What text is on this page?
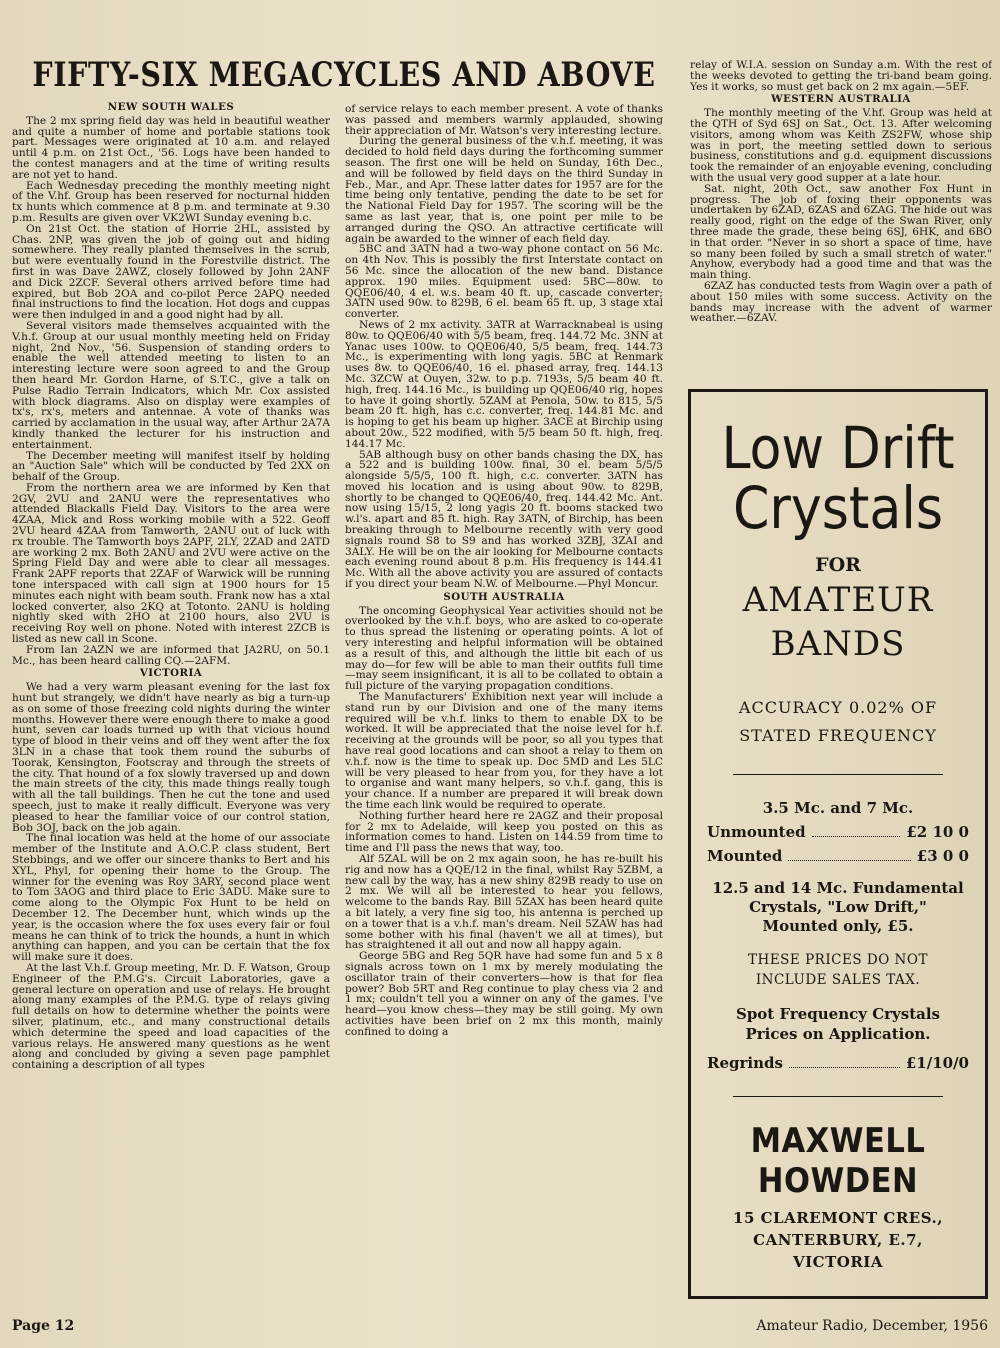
FIFTY-SIX MEGACYCLES AND ABOVE
NEW SOUTH WALES

The 2 mx spring field day was held in beautiful weather and quite a number of home and portable stations took part. Messages were originated at 10 a.m. and relayed until 4 p.m. on 21st Oct., '56. Logs have been handed to the contest managers and at the time of writing results are not yet to hand.

Each Wednesday preceding the monthly meeting night of the V.hf. Group has been reserved for nocturnal hidden tx hunts which commence at 8 p.m. and terminate at 9.30 p.m. Results are given over VK2WI Sunday evening b.c.

On 21st Oct. the station of Horrie 2HL, assisted by Chas. 2NP, was given the job of going out and hiding somewhere. They really planted themselves in the scrub, but were eventually found in the Forestville district. The first in was Dave 2AWZ, closely followed by John 2ANF and Dick 2ZCF. Several others arrived before time had expired, but Bob 2OA and co-pilot Perce 2APQ needed final instructions to find the location. Hot dogs and cuppas were then indulged in and a good night had by all.

Several visitors made themselves acquainted with the V.h.f. Group at our usual monthly meeting held on Friday night, 2nd Nov., '56. Suspension of standing orders to enable the well attended meeting to listen to an interesting lecture were soon agreed to and the Group then heard Mr. Gordon Harne, of S.T.C., give a talk on Pulse Radio Terrain Indicators, which Mr. Cox assisted with block diagrams. Also on display were examples of tx's, rx's, meters and antennae. A vote of thanks was carried by acclamation in the usual way, after Arthur 2A7A kindly thanked the lecturer for his instruction and entertainment.

The December meeting will manifest itself by holding an "Auction Sale" which will be conducted by Ted 2XX on behalf of the Group.

From the northern area we are informed by Ken that 2GV, 2VU and 2ANU were the representatives who attended Blackalls Field Day. Visitors to the area were 4ZAA, Mick and Ross working mobile with a 522. Geoff 2VU heard 4ZAA from Tamworth, 2ANU out of luck with rx trouble. The Tamworth boys 2APF, 2LY, 2ZAD and 2ATD are working 2 mx. Both 2ANU and 2VU were active on the Spring Field Day and were able to clear all messages. Frank 2APF reports that 2ZAF of Warwick will be running tone interspaced with call sign at 1900 hours for 15 minutes each night with beam south. Frank now has a xtal locked converter, also 2KQ at Totonto. 2ANU is holding nightly sked with 2HO at 2100 hours, also 2VU is receiving Roy well on phone. Noted with interest 2ZCB is listed as new call in Scone.

From Ian 2AZN we are informed that JA2RU, on 50.1 Mc., has been heard calling CQ.—2AFM.

VICTORIA

We had a very warm pleasant evening for the last fox hunt but strangely, we didn't have nearly as big a turn-up as on some of those freezing cold nights during the winter months. However there were enough there to make a good hunt, seven car loads turned up with that vicious hound type of blood in their veins and off they went after the fox 3LN in a chase that took them round the suburbs of Toorak, Kensington, Footscray and through the streets of the city. That hound of a fox slowly traversed up and down the main streets of the city, this made things really tough with all the tall buildings. Then he cut the tone and used speech, just to make it really difficult. Everyone was very pleased to hear the familiar voice of our control station, Bob 3OJ, back on the job again.

The final location was held at the home of our associate member of the Institute and A.O.C.P. class student, Bert Stebbings, and we offer our sincere thanks to Bert and his XYL, Phyl, for opening their home to the Group. The winner for the evening was Roy 3ARY, second place went to Tom 3AOG and third place to Eric 3ADU. Make sure to come along to the Olympic Fox Hunt to be held on December 12. The December hunt, which winds up the year, is the occasion where the fox uses every fair or foul means he can think of to trick the hounds, a hunt in which anything can happen, and you can be certain that the fox will make sure it does.

At the last V.h.f. Group meeting, Mr. D. F. Watson, Group Engineer of the P.M.G's. Circuit Laboratories, gave a general lecture on operation and use of relays. He brought along many examples of the P.M.G. type of relays giving full details on how to determine whether the points were silver, platinum, etc., and many constructional details which determine the speed and load capacities of the various relays. He answered many questions as he went along and concluded by giving a seven page pamphlet containing a description of all types

of service relays to each member present. A vote of thanks was passed and members warmly applauded, showing their appreciation of Mr. Watson's very interesting lecture.

During the general business of the v.h.f. meeting, it was decided to hold field days during the forthcoming summer season. The first one will be held on Sunday, 16th Dec., and will be followed by field days on the third Sunday in Feb., Mar., and Apr. These latter dates for 1957 are for the time being only tentative, pending the date to be set for the National Field Day for 1957. The scoring will be the same as last year, that is, one point per mile to be arranged during the QSO. An attractive certificate will again be awarded to the winner of each field day.

5BC and 3ATN had a two-way phone contact on 56 Mc. on 4th Nov. This is possibly the first Interstate contact on 56 Mc. since the allocation of the new band. Distance approx. 190 miles. Equipment used: 5BC—80w. to QQE06/40, 4 el. w.s. beam 40 ft. up, cascade converter; 3ATN used 90w. to 829B, 6 el. beam 65 ft. up, 3 stage xtal converter.

News of 2 mx activity. 3ATR at Warracknabeal is using 80w. to QQE06/40 with 5/5 beam, freq. 144.72 Mc. 3NN at Yanac uses 100w. to QQE06/40, 5/5 beam, freq. 144.73 Mc., is experimenting with long yagis. 5BC at Renmark uses 8w. to QQE06/40, 16 el. phased array, freq. 144.13 Mc. 3ZCW at Ouyen, 32w. to p.p. 7193s, 5/5 beam 40 ft. high, freq. 144.16 Mc., is building up QQE06/40 rig, hopes to have it going shortly. 5ZAM at Penola, 50w. to 815, 5/5 beam 20 ft. high, has c.c. converter, freq. 144.81 Mc. and is hoping to get his beam up higher. 3ACE at Birchip using about 20w., 522 modified, with 5/5 beam 50 ft. high, freq. 144.17 Mc.

5AB although busy on other bands chasing the DX, has a 522 and is building 100w. final, 30 el. beam 5/5/5 alongside 5/5/5, 100 ft. high, c.c. converter. 3ATN has moved his location and is using about 90w. to 829B, shortly to be changed to QQE06/40, freq. 144.42 Mc. Ant. now using 15/15, 2 long yagis 20 ft. booms stacked two w.l's. apart and 85 ft. high. Ray 3ATN, of Birchip, has been breaking through to Melbourne recently with very good signals round S8 to S9 and has worked 3ZBJ, 3ZAI and 3ALY. He will be on the air looking for Melbourne contacts each evening round about 8 p.m. His frequency is 144.41 Mc. With all the above activity you are assured of contacts if you direct your beam N.W. of Melbourne.—Phyl Moncur.

SOUTH AUSTRALIA

The oncoming Geophysical Year activities should not be overlooked by the v.h.f. boys, who are asked to co-operate to thus spread the listening or operating points. A lot of very interesting and helpful information will be obtained as a result of this, and although the little bit each of us may do—for few will be able to man their outfits full time—may seem insignificant, it is all to be collated to obtain a full picture of the varying propagation conditions.

The Manufacturers' Exhibition next year will include a stand run by our Division and one of the many items required will be v.h.f. links to them to enable DX to be worked. It will be appreciated that the noise level for h.f. receiving at the grounds will be poor, so all you types that have real good locations and can shoot a relay to them on v.h.f. now is the time to speak up. Doc 5MD and Les 5LC will be very pleased to hear from you, for they have a lot to organise and want many helpers, so v.h.f. gang, this is your chance. If a number are prepared it will break down the time each link would be required to operate.

Nothing further heard here re 2AGZ and their proposal for 2 mx to Adelaide, will keep you posted on this as information comes to hand. Listen on 144.59 from time to time and I'll pass the news that way, too.

Alf 5ZAL will be on 2 mx again soon, he has re-built his rig and now has a QQE/12 in the final, whilst Ray 5ZBM, a new call by the way, has a new shiny 829B ready to use on 2 mx. We will all be interested to hear you fellows, welcome to the bands Ray. Bill 5ZAX has been heard quite a bit lately, a very fine sig too, his antenna is perched up on a tower that is a v.h.f. man's dream. Neil 5ZAW has had some bother with his final (haven't we all at times), but has straightened it all out and now all happy again.

George 5BG and Reg 5QR have had some fun and 5 x 8 signals across town on 1 mx by merely modulating the oscillator train of their converters—how is that for flea power? Bob 5RT and Reg continue to play chess via 2 and 1 mx; couldn't tell you a winner on any of the games. I've heard—you know chess—they may be still going. My own activities have been brief on 2 mx this month, mainly confined to doing a

relay of W.I.A. session on Sunday a.m. With the rest of the weeks devoted to getting the tri-band beam going. Yes it works, so must get back on 2 mx again.—5EF.

WESTERN AUSTRALIA

The monthly meeting of the V.hf. Group was held at the QTH of Syd 6SJ on Sat., Oct. 13. After welcoming visitors, among whom was Keith ZS2FW, whose ship was in port, the meeting settled down to serious business, constitutions and g.d. equipment discussions took the remainder of an enjoyable evening, concluding with the usual very good supper at a late hour.

Sat. night, 20th Oct., saw another Fox Hunt in progress. The job of foxing their opponents was undertaken by 6ZAD, 6ZAS and 6ZAG. The hide out was really good, right on the edge of the Swan River, only three made the grade, these being 6SJ, 6HK, and 6BO in that order. "Never in so short a space of time, have so many been foiled by such a small stretch of water." Anyhow, everybody had a good time and that was the main thing.

6ZAZ has conducted tests from Wagin over a path of about 150 miles with some success. Activity on the bands may increase with the advent of warmer weather.—6ZAV.

Low Drift
Crystals
FOR
AMATEUR
BANDS
ACCURACY 0.02% OF
STATED FREQUENCY
3.5 Mc. and 7 Mc.
Unmounted	£2 10 0
Mounted	£3 0 0
12.5 and 14 Mc. Fundamental
Crystals, "Low Drift,"
Mounted only, £5.
THESE PRICES DO NOT
INCLUDE SALES TAX.
Spot Frequency Crystals
Prices on Application.
Regrinds	£1/10/0
MAXWELL HOWDEN
15 CLAREMONT CRES.,
CANTERBURY, E.7,
VICTORIA
Page 12	Amateur Radio, December, 1956
